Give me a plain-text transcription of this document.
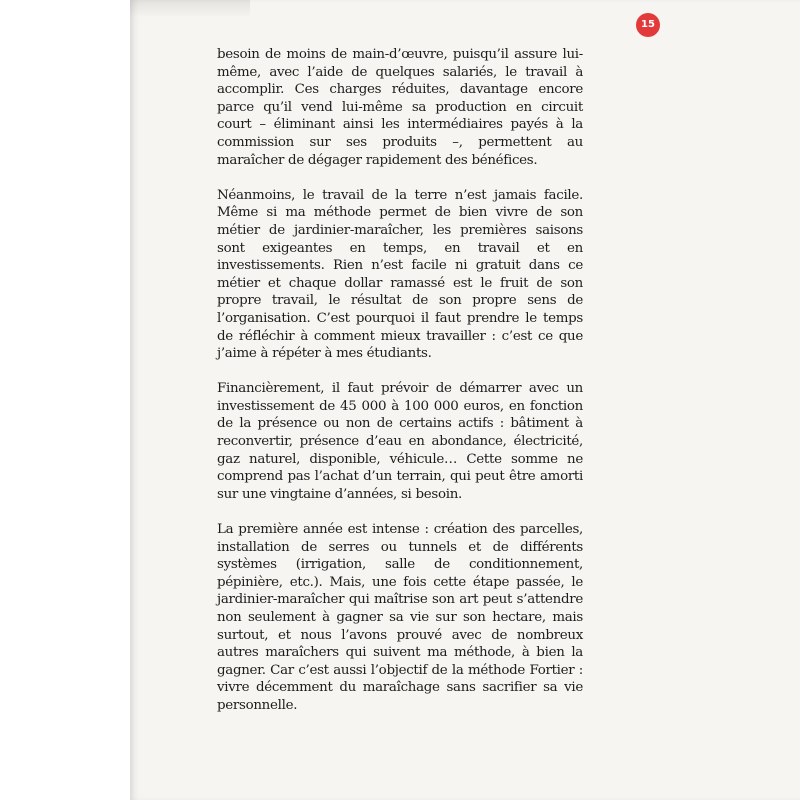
15

besoin de moins de main-d’œuvre, puisqu’il assure lui-même, avec l’aide de quelques salariés, le travail à accomplir. Ces charges réduites, davantage encore parce qu’il vend lui-même sa production en circuit court – éliminant ainsi les intermédiaires payés à la commission sur ses produits –, permettent au maraîcher de dégager rapidement des bénéfices.

Néanmoins, le travail de la terre n’est jamais facile. Même si ma méthode permet de bien vivre de son métier de jardinier-maraîcher, les premières saisons sont exigeantes en temps, en travail et en investissements. Rien n’est facile ni gratuit dans ce métier et chaque dollar ramassé est le fruit de son propre travail, le résultat de son propre sens de l’organisation. C’est pourquoi il faut prendre le temps de réfléchir à comment mieux travailler : c’est ce que j’aime à répéter à mes étudiants.

Financièrement, il faut prévoir de démarrer avec un investissement de 45 000 à 100 000 euros, en fonction de la présence ou non de certains actifs : bâtiment à reconvertir, présence d’eau en abondance, électricité, gaz naturel, disponible, véhicule… Cette somme ne comprend pas l’achat d’un terrain, qui peut être amorti sur une vingtaine d’années, si besoin.

La première année est intense : création des parcelles, installation de serres ou tunnels et de différents systèmes (irrigation, salle de conditionnement, pépinière, etc.). Mais, une fois cette étape passée, le jardinier-maraîcher qui maîtrise son art peut s’attendre non seulement à gagner sa vie sur son hectare, mais surtout, et nous l’avons prouvé avec de nombreux autres maraîchers qui suivent ma méthode, à bien la gagner. Car c’est aussi l’objectif de la méthode Fortier : vivre décemment du maraîchage sans sacrifier sa vie personnelle.
